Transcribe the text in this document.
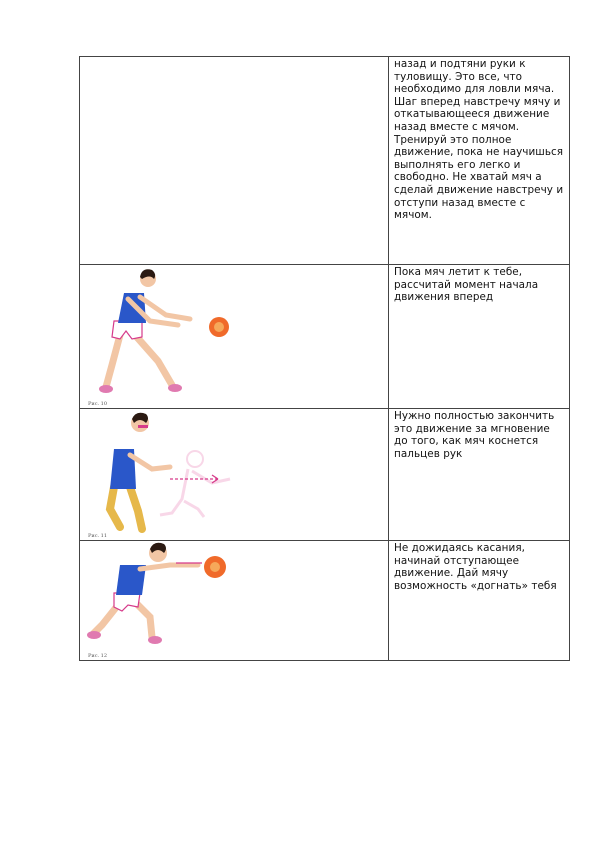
	назад и подтяни руки к туловищу. Это все, что необходимо для ловли мяча. Шаг вперед навстречу мячу и откатывающееся движение назад вместе с мячом. Тренируй это полное движение, пока не научишься выполнять его легко и свободно. Не хватай мяч а сделай движение навстречу и отступи назад вместе с мячом.

Рис. 10	Пока мяч летит к тебе, рассчитай момент начала движения вперед

Рис. 11	Нужно полностью закончить это движение за мгновение до того, как мяч коснется пальцев рук

Рис. 12	Не дожидаясь касания, начинай отступающее движение. Дай мячу возможность «догнать» тебя
